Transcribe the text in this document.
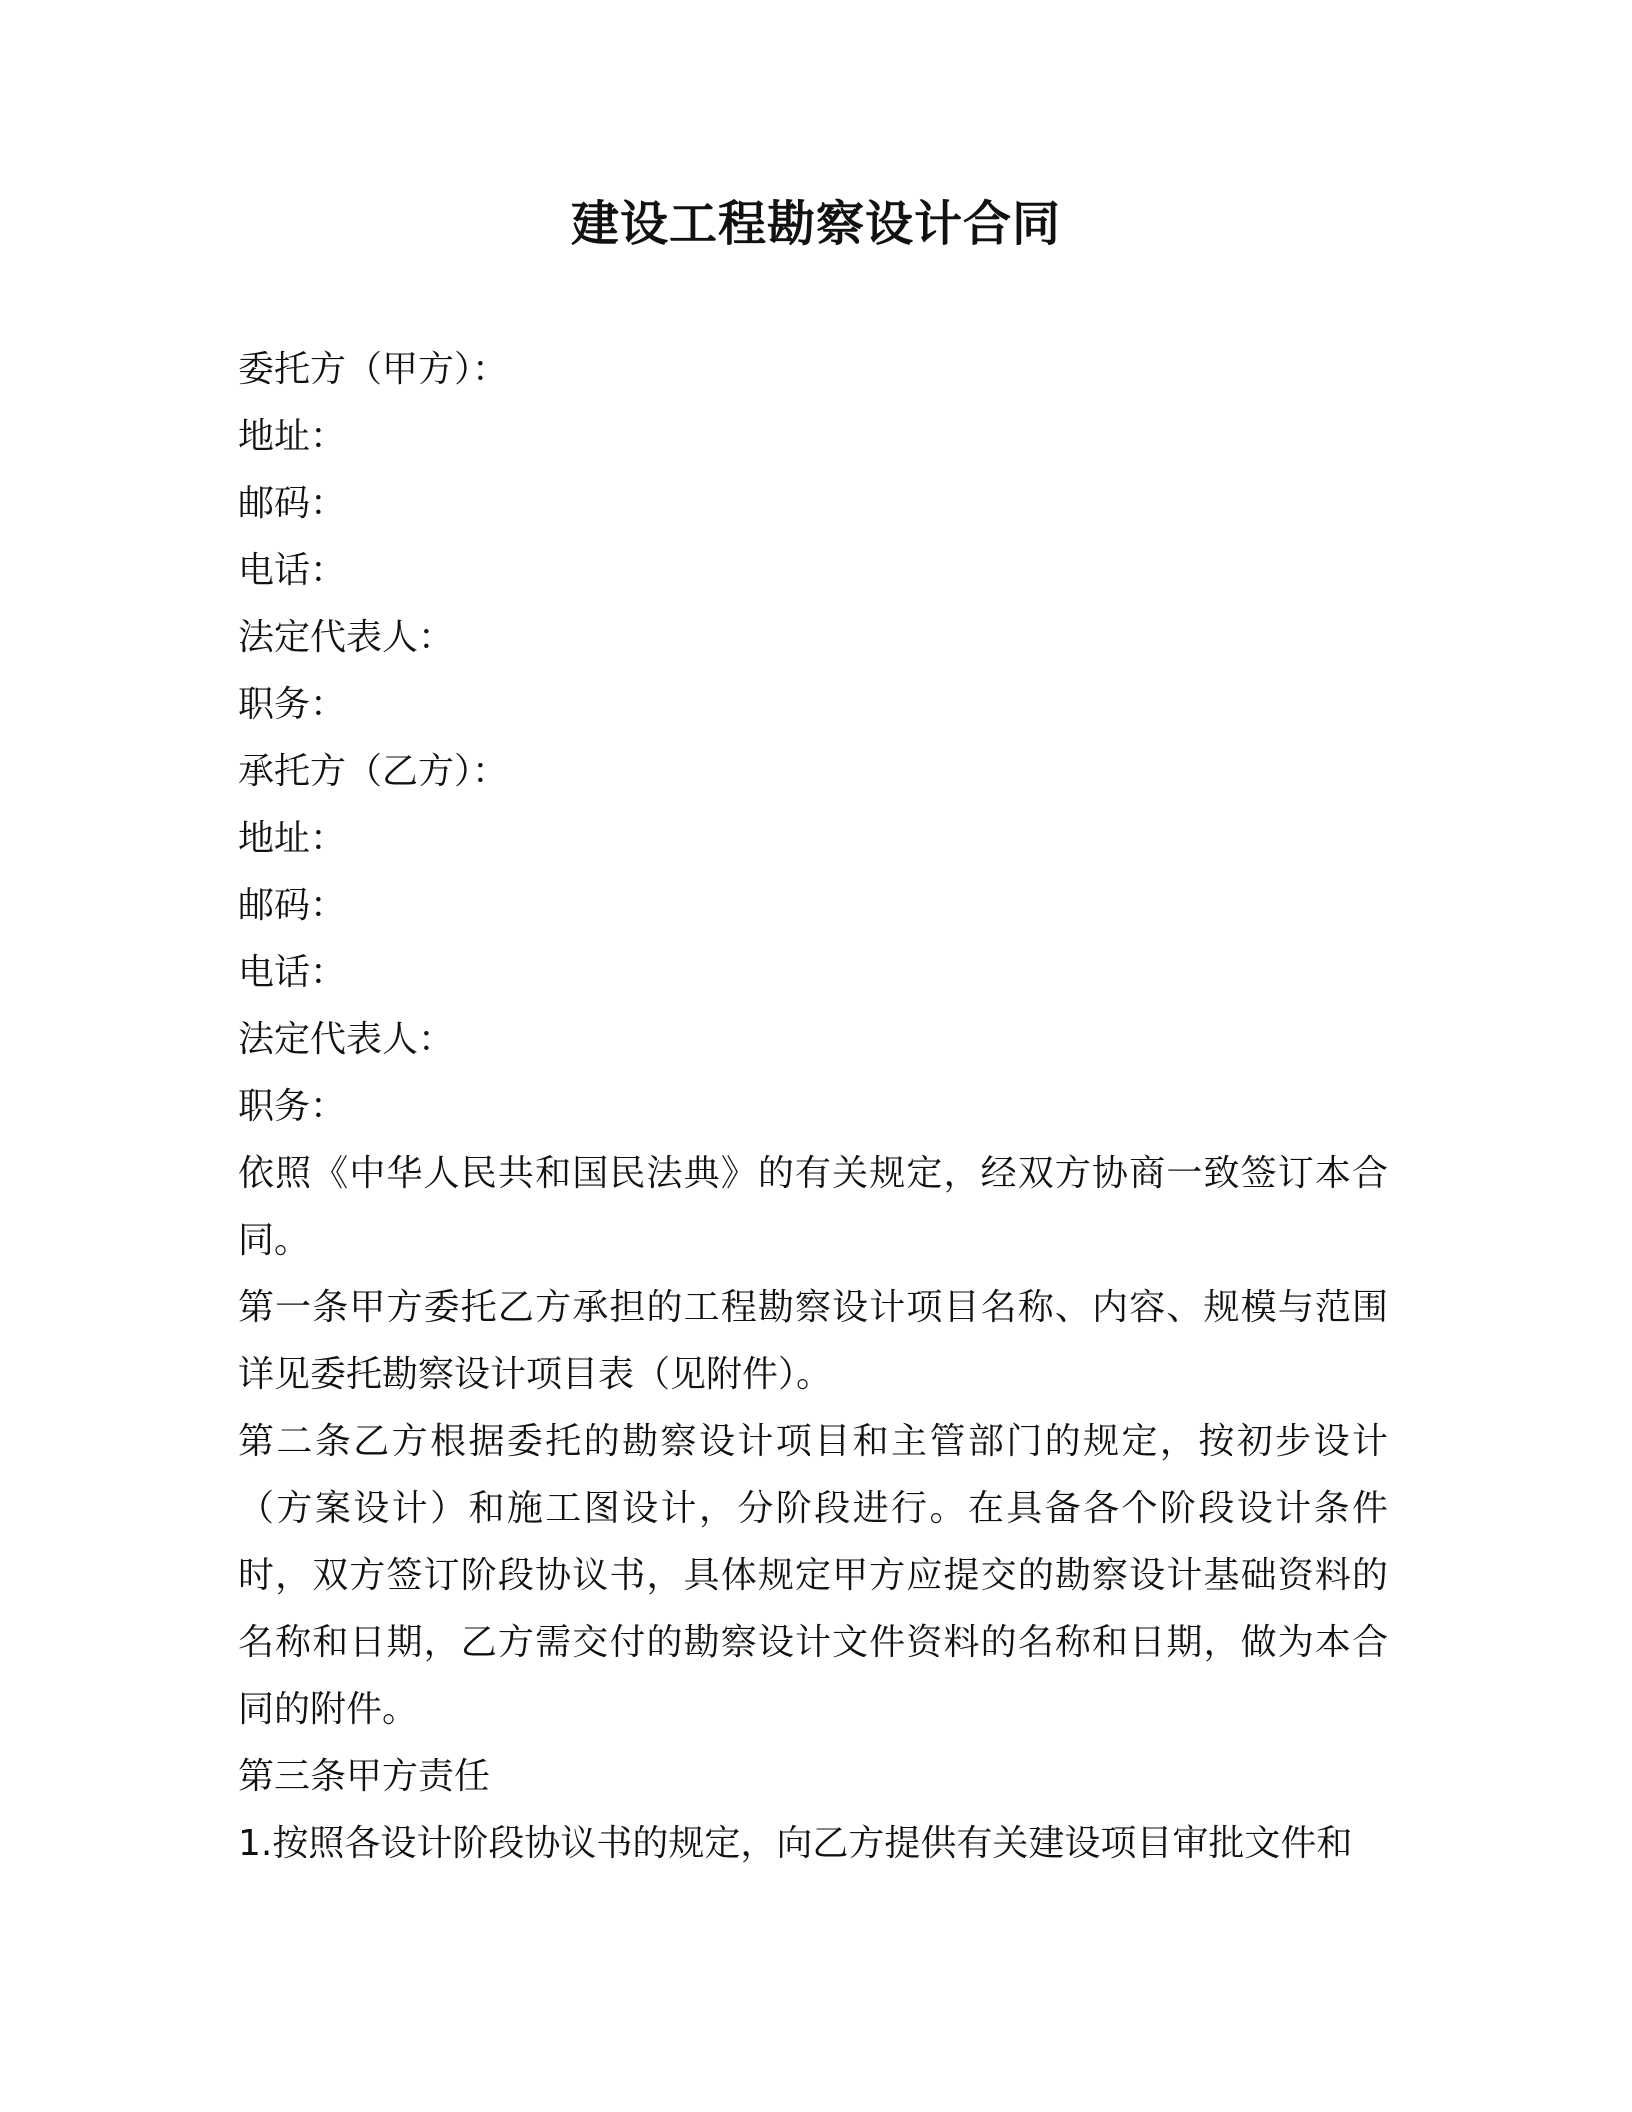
建设工程勘察设计合同
委托方（甲方）：
地址：
邮码：
电话：
法定代表人：
职务：
承托方（乙方）：
地址：
邮码：
电话：
法定代表人：
职务：

依照《中华人民共和国民法典》的有关规定，经双方协商一致签订本合同。

第一条甲方委托乙方承担的工程勘察设计项目名称、内容、规模与范围详见委托勘察设计项目表（见附件）。

第二条乙方根据委托的勘察设计项目和主管部门的规定，按初步设计（方案设计）和施工图设计，分阶段进行。在具备各个阶段设计条件时，双方签订阶段协议书，具体规定甲方应提交的勘察设计基础资料的名称和日期，乙方需交付的勘察设计文件资料的名称和日期，做为本合同的附件。

第三条甲方责任

1.按照各设计阶段协议书的规定，向乙方提供有关建设项目审批文件和
